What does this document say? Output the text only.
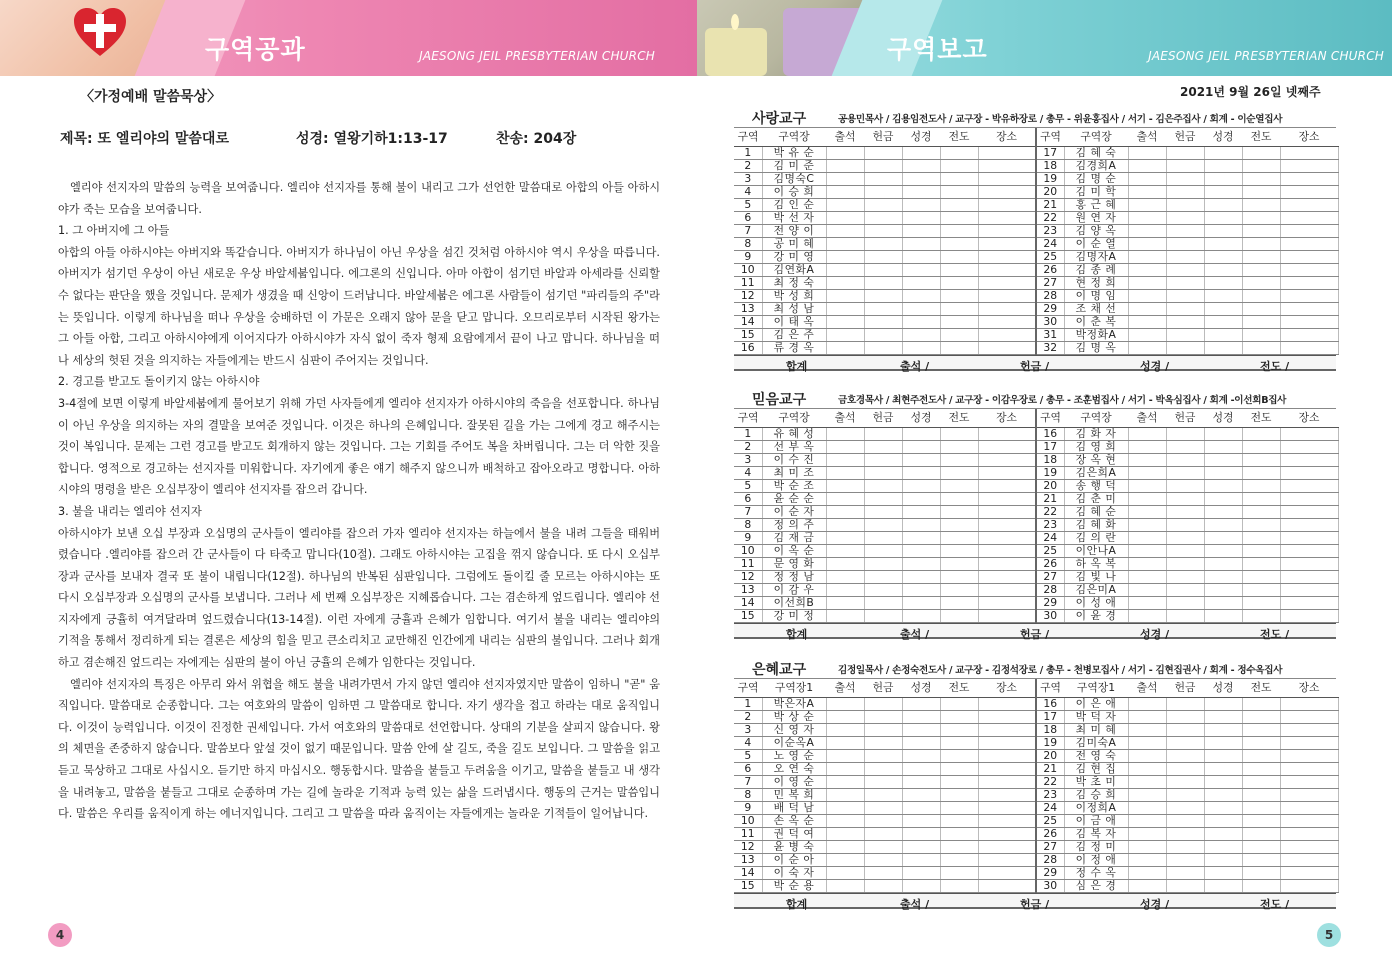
구역공과	JAESONG JEIL PRESBYTERIAN CHURCH	구역보고	JAESONG JEIL PRESBYTERIAN CHURCH
〈가정예배 말씀묵상〉
제목: 또 엘리야의 말씀대로	성경: 열왕기하1:13-17	찬송: 204장

엘리야 선지자의 말씀의 능력을 보여줍니다. 엘리야 선지자를 통해 불이 내리고 그가 선언한 말씀대로 아합의 아들 아하시야가 죽는 모습을 보여줍니다.

1. 그 아버지에 그 아들

아합의 아들 아하시야는 아버지와 똑같습니다. 아버지가 하나님이 아닌 우상을 섬긴 것처럼 아하시야 역시 우상을 따릅니다. 아버지가 섬기던 우상이 아닌 새로운 우상 바알세붑입니다. 에그론의 신입니다. 아마 아합이 섬기던 바알과 아세라를 신뢰할 수 없다는 판단을 했을 것입니다. 문제가 생겼을 때 신앙이 드러납니다. 바알세붑은 에그론 사람들이 섬기던 "파리들의 주"라는 뜻입니다. 이렇게 하나님을 떠나 우상을 숭배하던 이 가문은 오래지 않아 문을 닫고 맙니다. 오므리로부터 시작된 왕가는 그 아들 아합, 그리고 아하시야에게 이어지다가 아하시야가 자식 없이 죽자 형제 요람에게서 끝이 나고 맙니다. 하나님을 떠나 세상의 헛된 것을 의지하는 자들에게는 반드시 심판이 주어지는 것입니다.

2. 경고를 받고도 돌이키지 않는 아하시야

3-4절에 보면 이렇게 바알세붑에게 물어보기 위해 가던 사자들에게 엘리야 선지자가 아하시야의 죽음을 선포합니다. 하나님이 아닌 우상을 의지하는 자의 결말을 보여준 것입니다. 이것은 하나의 은혜입니다. 잘못된 길을 가는 그에게 경고 해주시는 것이 복입니다. 문제는 그런 경고를 받고도 회개하지 않는 것입니다. 그는 기회를 주어도 복을 차버립니다. 그는 더 악한 짓을 합니다. 영적으로 경고하는 선지자를 미워합니다. 자기에게 좋은 얘기 해주지 않으니까 배척하고 잡아오라고 명합니다. 아하시야의 명령을 받은 오십부장이 엘리야 선지자를 잡으러 갑니다.

3. 불을 내리는 엘리야 선지자

아하시야가 보낸 오십 부장과 오십명의 군사들이 엘리야를 잡으러 가자 엘리야 선지자는 하늘에서 불을 내려 그들을 태워버렸습니다 .엘리야를 잡으러 간 군사들이 다 타죽고 맙니다(10절). 그래도 아하시야는 고집을 꺾지 않습니다. 또 다시 오십부장과 군사를 보내자 결국 또 불이 내립니다(12절). 하나님의 반복된 심판입니다. 그럼에도 돌이킬 줄 모르는 아하시야는 또 다시 오십부장과 오십명의 군사를 보냅니다. 그러나 세 번째 오십부장은 지혜롭습니다. 그는 겸손하게 엎드립니다. 엘리야 선지자에게 긍휼히 여겨달라며 엎드렸습니다(13-14절). 이런 자에게 긍휼과 은혜가 임합니다. 여기서 불을 내리는 엘리야의 기적을 통해서 정리하게 되는 결론은 세상의 힘을 믿고 큰소리치고 교만해진 인간에게 내리는 심판의 불입니다. 그러나 회개하고 겸손해진 엎드리는 자에게는 심판의 불이 아닌 긍휼의 은혜가 임한다는 것입니다.

엘리야 선지자의 특징은 아무리 와서 위협을 해도 불을 내려가면서 가지 않던 엘리야 선지자였지만 말씀이 임하니 "곧" 움직입니다. 말씀대로 순종합니다. 그는 여호와의 말씀이 임하면 그 말씀대로 합니다. 자기 생각을 접고 하라는 대로 움직입니다. 이것이 능력입니다. 이것이 진정한 권세입니다. 가서 여호와의 말씀대로 선언합니다. 상대의 기분을 살피지 않습니다. 왕의 체면을 존중하지 않습니다. 말씀보다 앞설 것이 없기 때문입니다. 말씀 안에 살 길도, 죽을 길도 보입니다. 그 말씀을 읽고 듣고 묵상하고 그대로 사십시오. 듣기만 하지 마십시오. 행동합시다. 말씀을 붙들고 두려움을 이기고, 말씀을 붙들고 내 생각을 내려놓고, 말씀을 붙들고 그대로 순종하며 가는 길에 놀라운 기적과 능력 있는 삶을 드러냅시다. 행동의 근거는 말씀입니다. 말씀은 우리를 움직이게 하는 에너지입니다. 그리고 그 말씀을 따라 움직이는 자들에게는 놀라운 기적들이 일어납니다.

4
2021년 9월 26일 넷째주
사랑교구	공용민목사 / 김용임전도사 / 교구장 - 박유하장로 / 총무 - 위윤홍집사 / 서기 - 김은주집사 / 회계 - 이순열집사
구역	구역장	출석	헌금	성경	전도	장소	구역	구역장	출석	헌금	성경	전도	장소
1	박 유 순						17	김 혜 숙					
2	김 미 준						18	김경희A					
3	김명숙C						19	김 명 순					
4	이 승 희						20	김 미 학					
5	김 인 순						21	홍 근 혜					
6	박 선 자						22	원 연 자					
7	전 양 이						23	김 양 옥					
8	공 미 혜						24	이 순 열					
9	강 미 영						25	김명자A					
10	김연화A						26	김 종 례					
11	최 정 숙						27	현 정 희					
12	박 성 희						28	이 명 임					
13	최 성 남						29	조 채 선					
14	이 태 옥						30	이 춘 복					
15	김 은 주						31	박정화A					
16	류 경 옥						32	김 명 옥					
합계	출석 /	헌금 /	성경 /	전도 /
믿음교구	금호경목사 / 최현주전도사 / 교구장 - 이감우장로 / 총무 - 조훈범집사 / 서기 - 박옥심집사 / 회계 -이선희B집사
구역	구역장	출석	헌금	성경	전도	장소	구역	구역장	출석	헌금	성경	전도	장소
1	유 혜 성						16	김 화 자					
2	선 부 옥						17	김 영 희					
3	이 수 진						18	장 옥 현					
4	최 미 조						19	김은희A					
5	박 순 조						20	송 행 덕					
6	윤 순 순						21	김 춘 미					
7	이 순 자						22	김 혜 순					
8	정 의 주						23	김 혜 화					
9	김 재 금						24	김 의 란					
10	이 옥 순						25	이안나A					
11	문 영 화						26	하 옥 복					
12	정 정 남						27	김 빛 나					
13	이 감 우						28	김은미A					
14	이선희B						29	이 성 애					
15	강 미 정						30	이 윤 경					
합계	출석 /	헌금 /	성경 /	전도 /
은혜교구	김정일목사 / 손정숙전도사 / 교구장 - 김정석장로 / 총무 - 천병모집사 / 서기 - 김현집권사 / 회계 - 정수옥집사
구역	구역장1	출석	헌금	성경	전도	장소	구역	구역장1	출석	헌금	성경	전도	장소
1	박은자A						16	이 은 애					
2	박 상 순						17	박 덕 자					
3	신 영 자						18	최 미 혜					
4	이순옥A						19	김미숙A					
5	노 영 순						20	전 영 숙					
6	오 연 숙						21	김 현 집					
7	이 영 순						22	박 초 미					
8	민 복 희						23	김 승 희					
9	배 덕 남						24	이정희A					
10	손 옥 순						25	이 금 애					
11	권 덕 여						26	김 복 자					
12	윤 병 숙						27	김 정 미					
13	이 순 아						28	이 정 애					
14	이 숙 자						29	정 수 옥					
15	박 순 용						30	심 은 경					
합계	출석 /	헌금 /	성경 /	전도 /
5
